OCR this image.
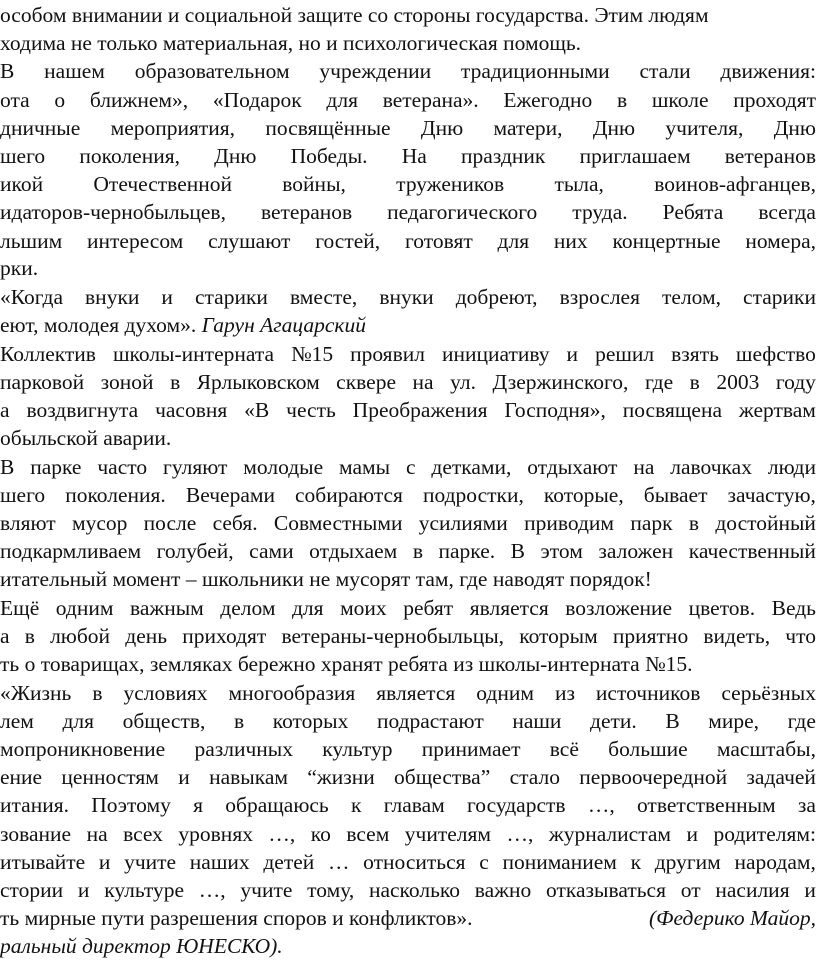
особом внимании и социальной защите со стороны государства. Этим людям
ходима не только материальная, но и психологическая помощь.
В нашем образовательном учреждении традиционными стали движения:
ота о ближнем», «Подарок для ветерана». Ежегодно в школе проходят
дничные мероприятия, посвящённые Дню матери, Дню учителя, Дню
шего поколения, Дню Победы. На праздник приглашаем ветеранов
икой Отечественной войны, тружеников тыла, воинов-афганцев,
идаторов-чернобыльцев, ветеранов педагогического труда. Ребята всегда
льшим интересом слушают гостей, готовят для них концертные номера,
рки.
«Когда внуки и старики вместе, внуки добреют, взрослея телом, старики
еют, молодея духом». Гарун Агацарский
Коллектив школы-интерната №15 проявил инициативу и решил взять шефство
парковой зоной в Ярлыковском сквере на ул. Дзержинского, где в 2003 году
а воздвигнута часовня «В честь Преображения Господня», посвящена жертвам
обыльской аварии.
В парке часто гуляют молодые мамы с детками, отдыхают на лавочках люди
шего поколения. Вечерами собираются подростки, которые, бывает зачастую,
вляют мусор после себя. Совместными усилиями приводим парк в достойный
подкармливаем голубей, сами отдыхаем в парке. В этом заложен качественный
итательный момент – школьники не мусорят там, где наводят порядок!
Ещё одним важным делом для моих ребят является возложение цветов. Ведь
а в любой день приходят ветераны-чернобыльцы, которым приятно видеть, что
ть о товарищах, земляках бережно хранят ребята из школы-интерната №15.
«Жизнь в условиях многообразия является одним из источников серьёзных
лем для обществ, в которых подрастают наши дети. В мире, где
мопроникновение различных культур принимает всё большие масштабы,
ение ценностям и навыкам “жизни общества” стало первоочередной задачей
итания. Поэтому я обращаюсь к главам государств …, ответственным за
зование на всех уровнях …, ко всем учителям …, журналистам и родителям:
итывайте и учите наших детей … относиться с пониманием к другим народам,
стории и культуре …, учите тому, насколько важно отказываться от насилия и
ть мирные пути разрешения споров и конфликтов».	(Федерико Майор,
ральный директор ЮНЕСКО).
